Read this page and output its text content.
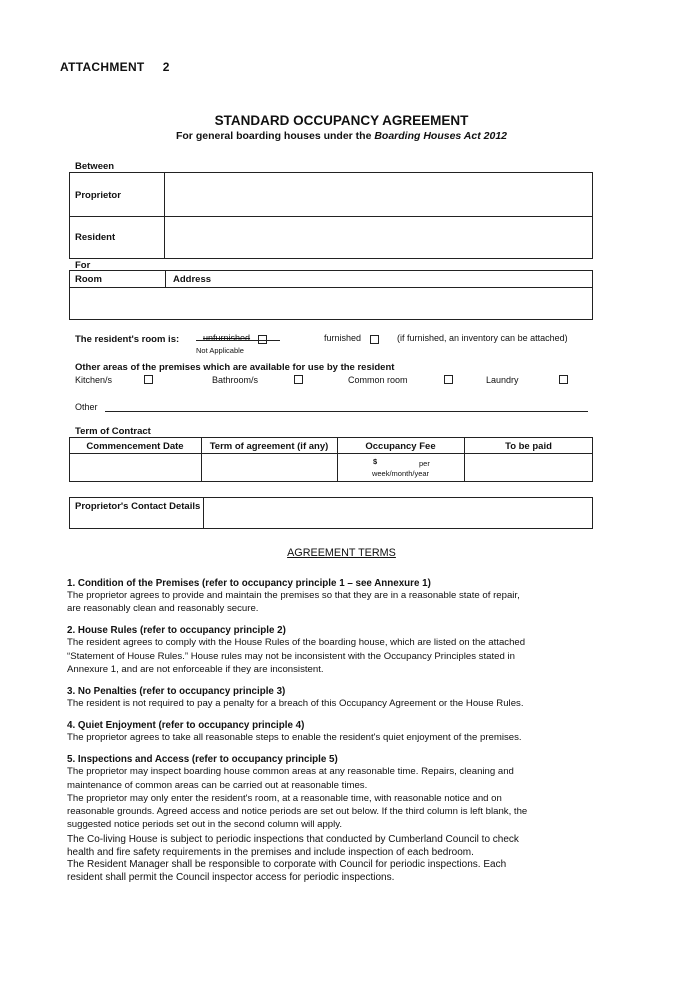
ATTACHMENT     2
STANDARD OCCUPANCY AGREEMENT
For general boarding houses under the Boarding Houses Act 2012
Between
Proprietor
Resident
For
Room	Address
The resident's room is:	unfurnished
Not Applicable
furnished	(if furnished, an inventory can be attached)
Other areas of the premises which are available for use by the resident
Kitchen/s	Bathroom/s	Common room	Laundry
Other
Term of Contract
Commencement Date	Term of agreement (if any)	Occupancy Fee	To be paid
$	per
week/month/year
Proprietor's Contact Details
AGREEMENT TERMS
1. Condition of the Premises (refer to occupancy principle 1 – see Annexure 1)
The proprietor agrees to provide and maintain the premises so that they are in a reasonable state of repair,
are reasonably clean and reasonably secure.
2. House Rules (refer to occupancy principle 2)
The resident agrees to comply with the House Rules of the boarding house, which are listed on the attached
“Statement of House Rules.” House rules may not be inconsistent with the Occupancy Principles stated in
Annexure 1, and are not enforceable if they are inconsistent.
3. No Penalties (refer to occupancy principle 3)
The resident is not required to pay a penalty for a breach of this Occupancy Agreement or the House Rules.
4. Quiet Enjoyment (refer to occupancy principle 4)
The proprietor agrees to take all reasonable steps to enable the resident's quiet enjoyment of the premises.
5. Inspections and Access (refer to occupancy principle 5)
The proprietor may inspect boarding house common areas at any reasonable time. Repairs, cleaning and
maintenance of common areas can be carried out at reasonable times.
The proprietor may only enter the resident's room, at a reasonable time, with reasonable notice and on
reasonable grounds. Agreed access and notice periods are set out below. If the third column is left blank, the
suggested notice periods set out in the second column will apply.
The Co-living House is subject to periodic inspections that conducted by Cumberland Council to check
health and fire safety requirements in the premises and include inspection of each bedroom.
The Resident Manager shall be responsible to corporate with Council for periodic inspections. Each
resident shall permit the Council inspector access for periodic inspections.
